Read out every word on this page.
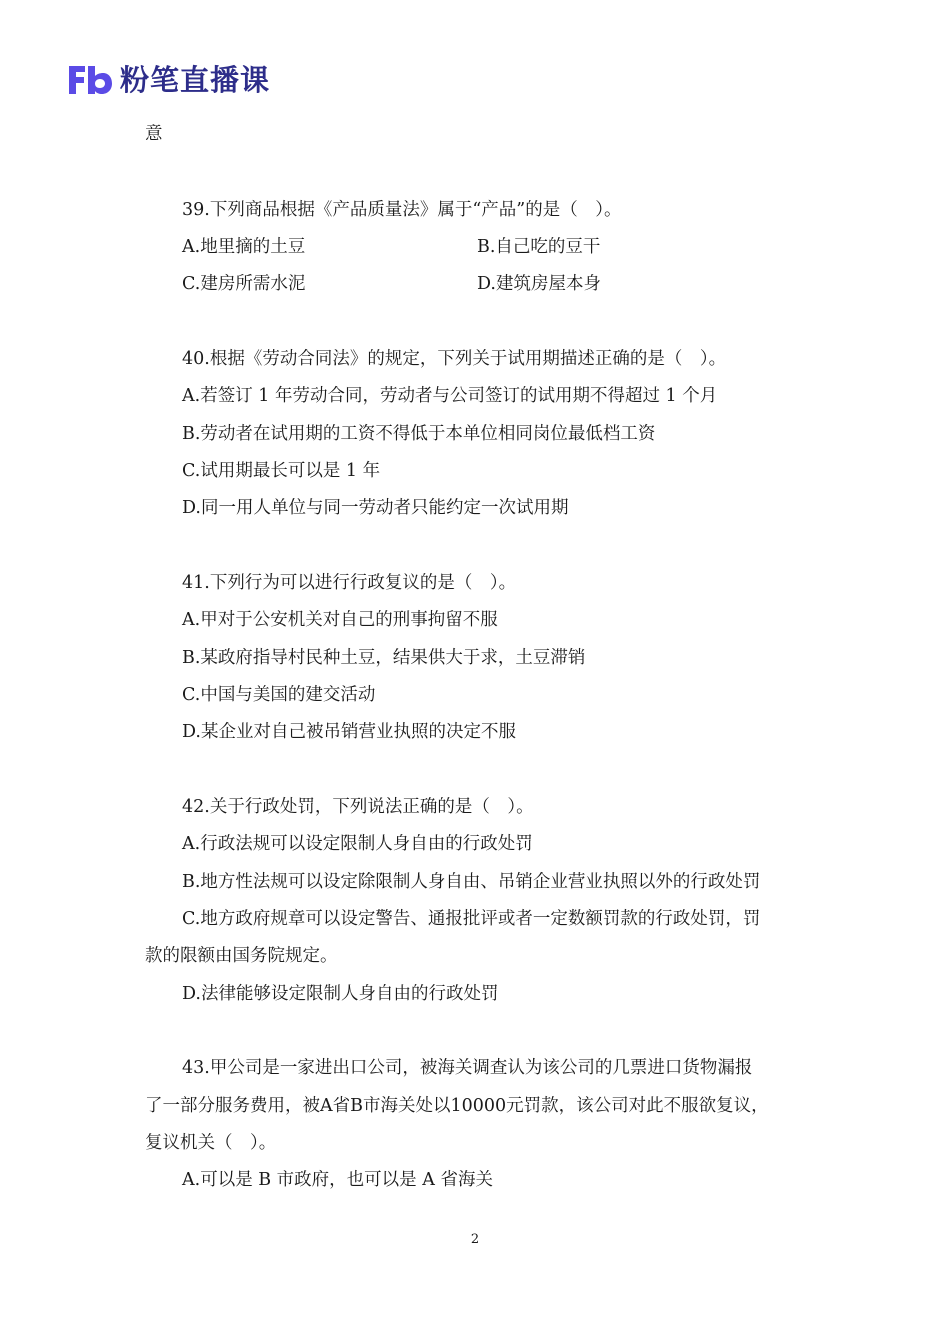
粉笔直播课
意
39.下列商品根据《产品质量法》属于“产品”的是（　）。
A.地里摘的土豆	B.自己吃的豆干
C.建房所需水泥	D.建筑房屋本身
40.根据《劳动合同法》的规定，下列关于试用期描述正确的是（　）。
A.若签订 1 年劳动合同，劳动者与公司签订的试用期不得超过 1 个月
B.劳动者在试用期的工资不得低于本单位相同岗位最低档工资
C.试用期最长可以是 1 年
D.同一用人单位与同一劳动者只能约定一次试用期
41.下列行为可以进行行政复议的是（　）。
A.甲对于公安机关对自己的刑事拘留不服
B.某政府指导村民种土豆，结果供大于求，土豆滞销
C.中国与美国的建交活动
D.某企业对自己被吊销营业执照的决定不服
42.关于行政处罚，下列说法正确的是（　）。
A.行政法规可以设定限制人身自由的行政处罚
B.地方性法规可以设定除限制人身自由、吊销企业营业执照以外的行政处罚
C.地方政府规章可以设定警告、通报批评或者一定数额罚款的行政处罚，罚
款的限额由国务院规定。
D.法律能够设定限制人身自由的行政处罚
43.甲公司是一家进出口公司，被海关调查认为该公司的几票进口货物漏报
了一部分服务费用，被A省B市海关处以10000元罚款，该公司对此不服欲复议，
复议机关（　）。
A.可以是 B 市政府，也可以是 A 省海关
2
